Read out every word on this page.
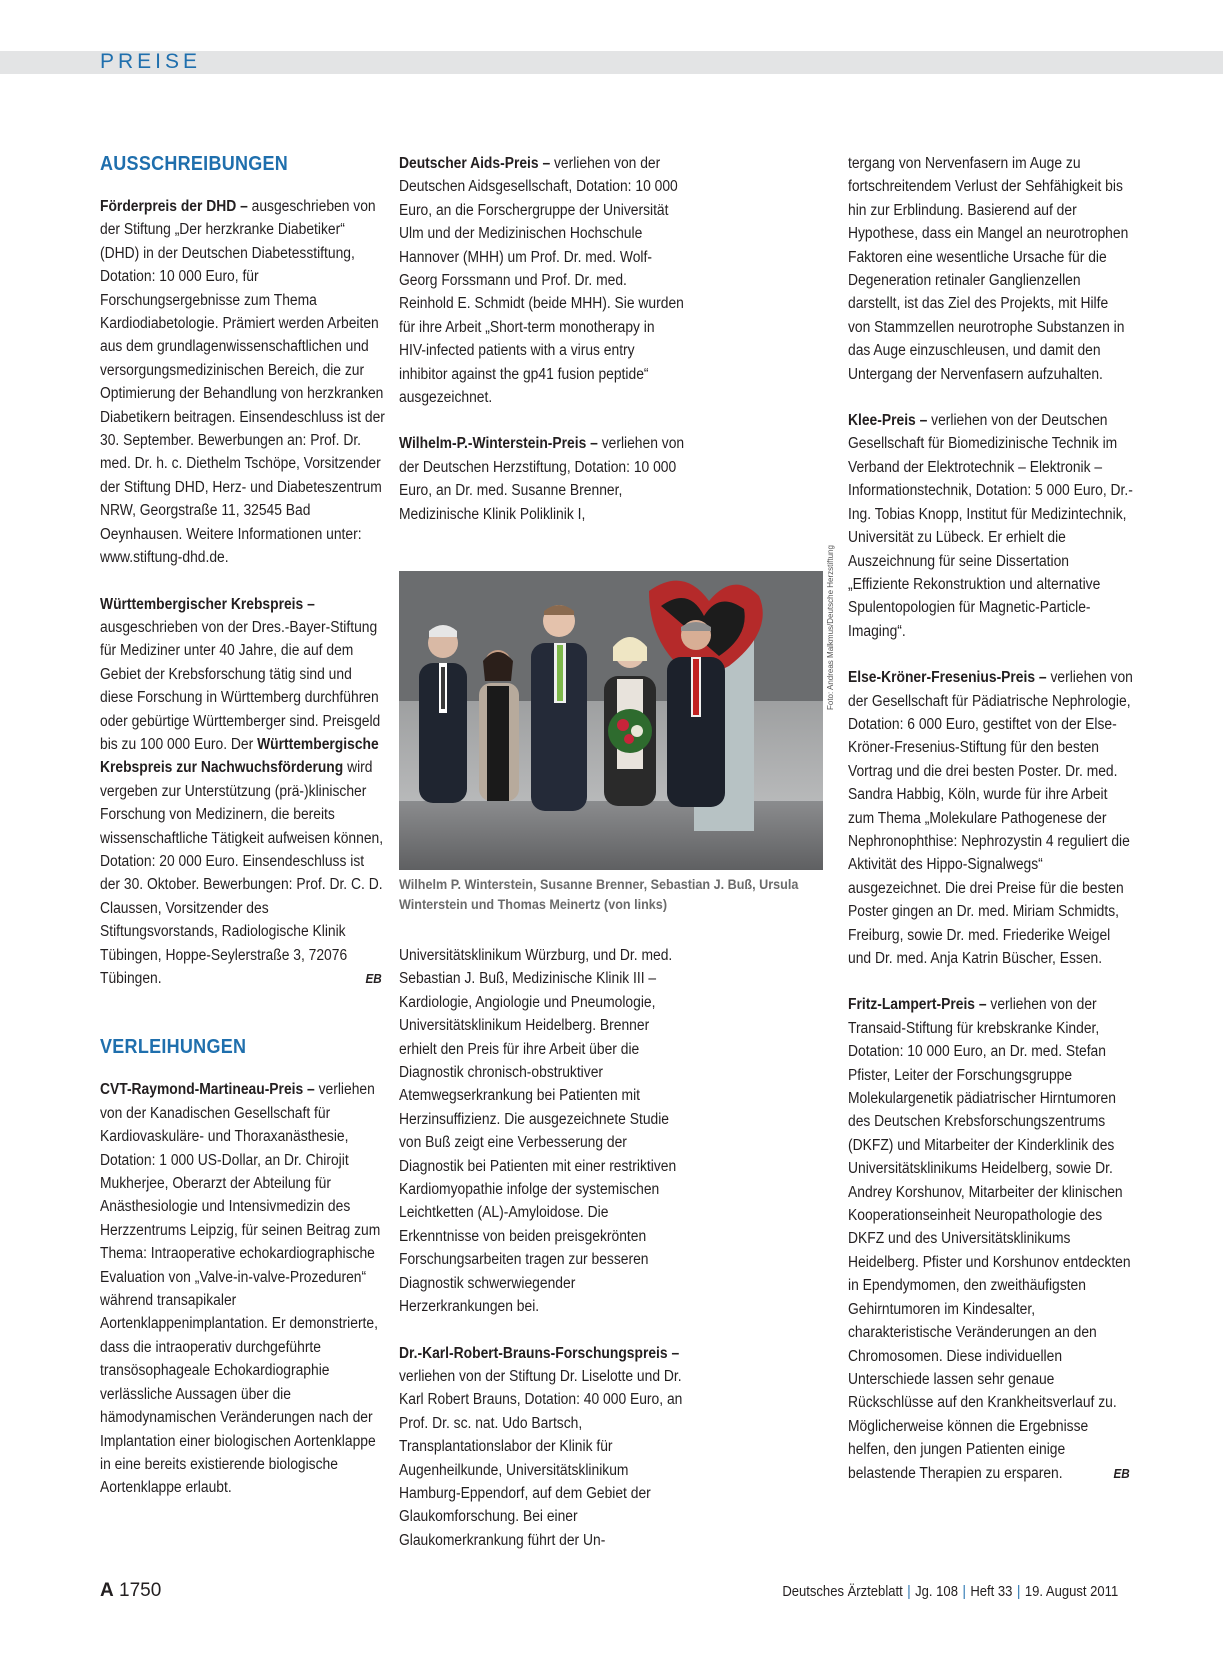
PREISE

AUSSCHREIBUNGEN

Förderpreis der DHD – ausgeschrieben von der Stiftung „Der herzkranke Diabetiker“ (DHD) in der Deutschen Diabetesstiftung, Dotation: 10 000 Euro, für Forschungsergebnisse zum Thema Kardiodiabetologie. Prämiert werden Arbeiten aus dem grundlagenwissenschaftlichen und versorgungsmedizinischen Bereich, die zur Optimierung der Behandlung von herzkranken Diabetikern beitragen. Einsendeschluss ist der 30. September. Bewerbungen an: Prof. Dr. med. Dr. h. c. Diethelm Tschöpe, Vorsitzender der Stiftung DHD, Herz- und Diabeteszentrum NRW, Georgstraße 11, 32545 Bad Oeynhausen. Weitere Informationen unter: www.stiftung-dhd.de.

Württembergischer Krebspreis – ausgeschrieben von der Dres.-Bayer-Stiftung für Mediziner unter 40 Jahre, die auf dem Gebiet der Krebsforschung tätig sind und diese Forschung in Württemberg durchführen oder gebürtige Württemberger sind. Preisgeld bis zu 100 000 Euro. Der Württembergische Krebspreis zur Nachwuchsförderung wird vergeben zur Unterstützung (prä-)klinischer Forschung von Medizinern, die bereits wissenschaftliche Tätigkeit aufweisen können, Dotation: 20 000 Euro. Einsendeschluss ist der 30. Oktober. Bewerbungen: Prof. Dr. C. D. Claussen, Vorsitzender des Stiftungsvorstands, Radiologische Klinik Tübingen, Hoppe-Seylerstraße 3, 72076 Tübingen.	EB

VERLEIHUNGEN

CVT-Raymond-Martineau-Preis – verliehen von der Kanadischen Gesellschaft für Kardiovaskuläre- und Thoraxanästhesie, Dotation: 1 000 US-Dollar, an Dr. Chirojit Mukherjee, Oberarzt der Abteilung für Anästhesiologie und Intensivmedizin des Herzzentrums Leipzig, für seinen Beitrag zum Thema: Intraoperative echokardiographische Evaluation von „Valve-in-valve-Prozeduren“ während transapikaler Aortenklappenimplantation. Er demonstrierte, dass die intraoperativ durchgeführte transösophageale Echokardiographie verlässliche Aussagen über die hämodynamischen Veränderungen nach der Implantation einer biologischen Aortenklappe in eine bereits existierende biologische Aortenklappe erlaubt.

Deutscher Aids-Preis – verliehen von der Deutschen Aidsgesellschaft, Dotation: 10 000 Euro, an die Forschergruppe der Universität Ulm und der Medizinischen Hochschule Hannover (MHH) um Prof. Dr. med. Wolf-Georg Forssmann und Prof. Dr. med. Reinhold E. Schmidt (beide MHH). Sie wurden für ihre Arbeit „Short-term monotherapy in HIV-infected patients with a virus entry inhibitor against the gp41 fusion peptide“ ausgezeichnet.

Wilhelm-P.-Winterstein-Preis – verliehen von der Deutschen Herzstiftung, Dotation: 10 000 Euro, an Dr. med. Susanne Brenner, Medizinische Klinik Poliklinik I,

Foto: Andreas Malkmus/Deutsche Herzstiftung
Wilhelm P. Winterstein, Susanne Brenner, Sebastian J. Buß, Ursula Winterstein und Thomas Meinertz (von links)

Universitätsklinikum Würzburg, und Dr. med. Sebastian J. Buß, Medizinische Klinik III – Kardiologie, Angiologie und Pneumologie, Universitätsklinikum Heidelberg. Brenner erhielt den Preis für ihre Arbeit über die Diagnostik chronisch-obstruktiver Atemwegserkrankung bei Patienten mit Herzinsuffizienz. Die ausgezeichnete Studie von Buß zeigt eine Verbesserung der Diagnostik bei Patienten mit einer restriktiven Kardiomyopathie infolge der systemischen Leichtketten (AL)-Amyloidose. Die Erkenntnisse von beiden preisgekrönten Forschungsarbeiten tragen zur besseren Diagnostik schwerwiegender Herzerkrankungen bei.

Dr.-Karl-Robert-Brauns-Forschungspreis – verliehen von der Stiftung Dr. Liselotte und Dr. Karl Robert Brauns, Dotation: 40 000 Euro, an Prof. Dr. sc. nat. Udo Bartsch, Transplantationslabor der Klinik für Augenheilkunde, Universitätsklinikum Hamburg-Eppendorf, auf dem Gebiet der Glaukomforschung. Bei einer Glaukomerkrankung führt der Un-

tergang von Nervenfasern im Auge zu fortschreitendem Verlust der Sehfähigkeit bis hin zur Erblindung. Basierend auf der Hypothese, dass ein Mangel an neurotrophen Faktoren eine wesentliche Ursache für die Degeneration retinaler Ganglienzellen darstellt, ist das Ziel des Projekts, mit Hilfe von Stammzellen neurotrophe Substanzen in das Auge einzuschleusen, und damit den Untergang der Nervenfasern aufzuhalten.

Klee-Preis – verliehen von der Deutschen Gesellschaft für Biomedizinische Technik im Verband der Elektrotechnik – Elektronik – Informationstechnik, Dotation: 5 000 Euro, Dr.-Ing. Tobias Knopp, Institut für Medizintechnik, Universität zu Lübeck. Er erhielt die Auszeichnung für seine Dissertation „Effiziente Rekonstruktion und alternative Spulentopologien für Magnetic-Particle-Imaging“.

Else-Kröner-Fresenius-Preis – verliehen von der Gesellschaft für Pädiatrische Nephrologie, Dotation: 6 000 Euro, gestiftet von der Else-Kröner-Fresenius-Stiftung für den besten Vortrag und die drei besten Poster. Dr. med. Sandra Habbig, Köln, wurde für ihre Arbeit zum Thema „Molekulare Pathogenese der Nephronophthise: Nephrozystin 4 reguliert die Aktivität des Hippo-Signalwegs“ ausgezeichnet. Die drei Preise für die besten Poster gingen an Dr. med. Miriam Schmidts, Freiburg, sowie Dr. med. Friederike Weigel und Dr. med. Anja Katrin Büscher, Essen.

Fritz-Lampert-Preis – verliehen von der Transaid-Stiftung für krebskranke Kinder, Dotation: 10 000 Euro, an Dr. med. Stefan Pfister, Leiter der Forschungsgruppe Molekulargenetik pädiatrischer Hirntumoren des Deutschen Krebsforschungszentrums (DKFZ) und Mitarbeiter der Kinderklinik des Universitätsklinikums Heidelberg, sowie Dr. Andrey Korshunov, Mitarbeiter der klinischen Kooperationseinheit Neuropathologie des DKFZ und des Universitätsklinikums Heidelberg. Pfister und Korshunov entdeckten in Ependymomen, den zweithäufigsten Gehirntumoren im Kindesalter, charakteristische Veränderungen an den Chromosomen. Diese individuellen Unterschiede lassen sehr genaue Rückschlüsse auf den Krankheitsverlauf zu. Möglicherweise können die Ergebnisse helfen, den jungen Patienten einige belastende Therapien zu ersparen.	EB

A 1750	Deutsches Ärzteblatt | Jg. 108 | Heft 33 | 19. August 2011
